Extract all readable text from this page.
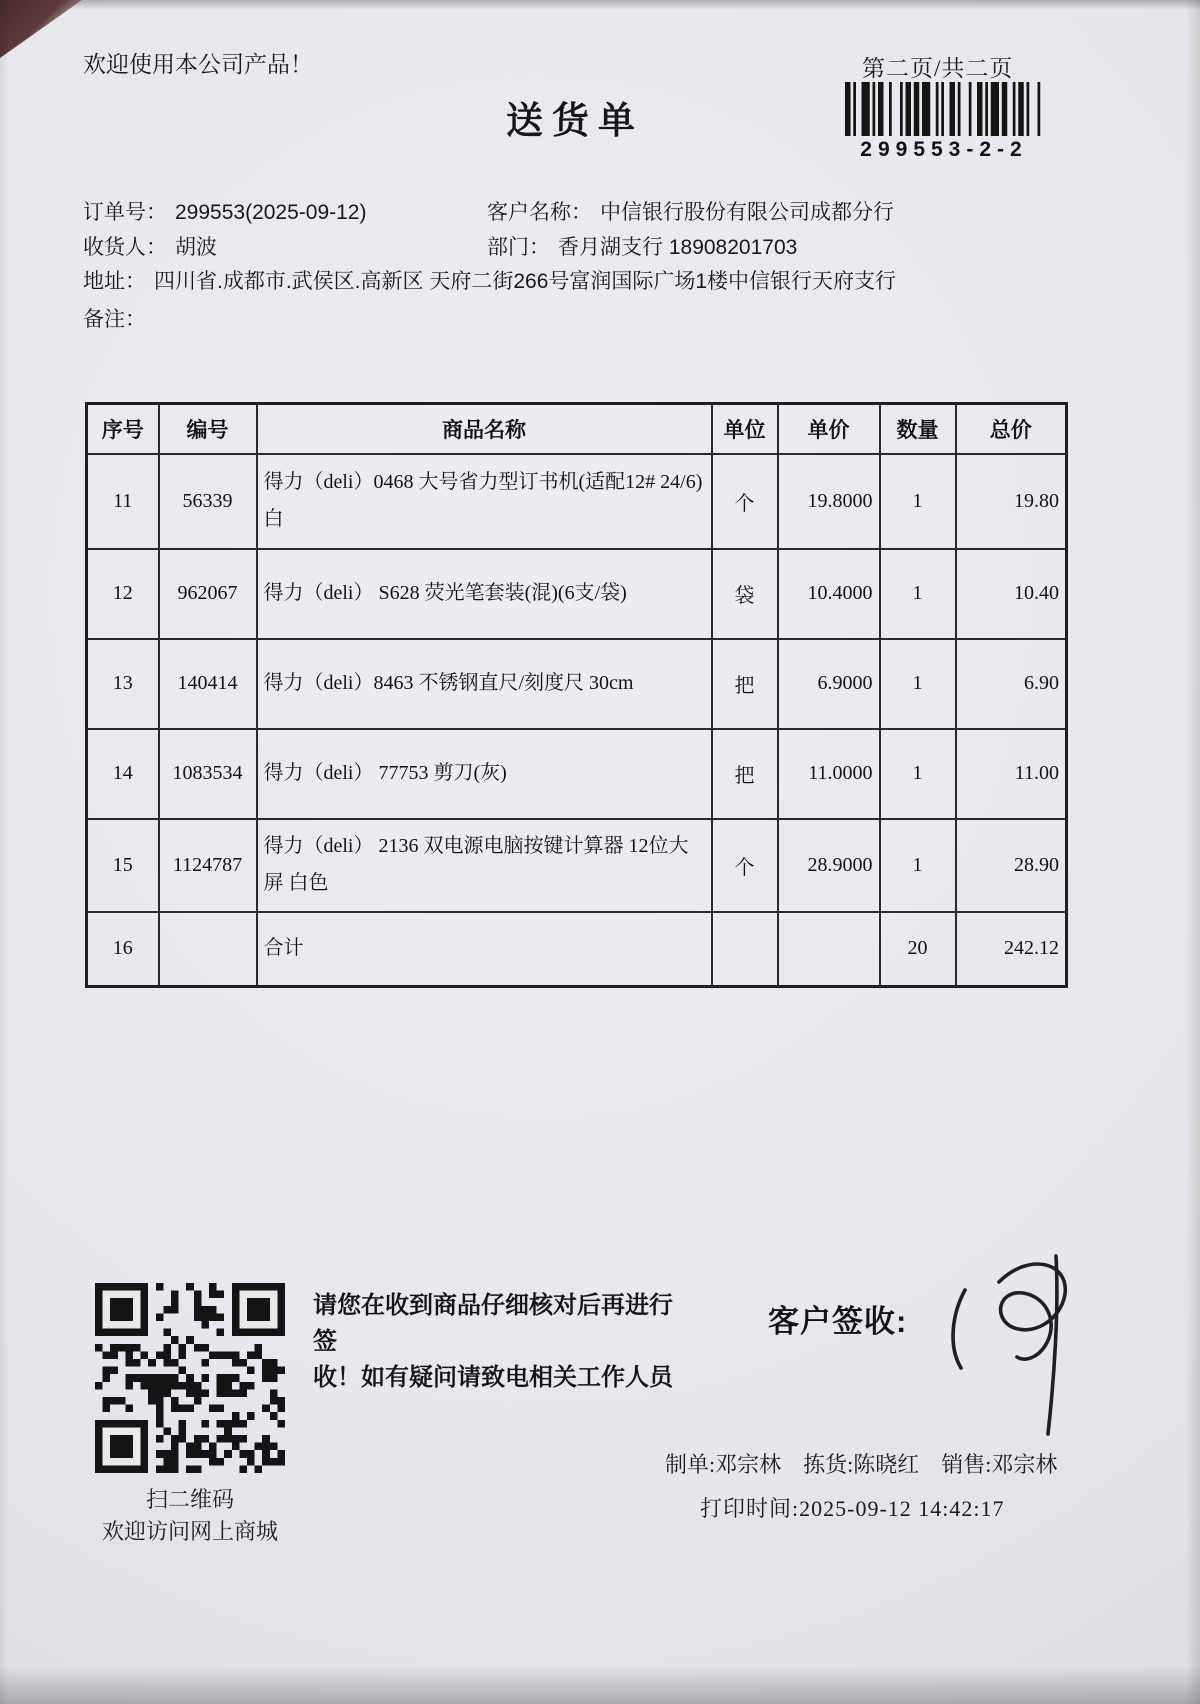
欢迎使用本公司产品！	第二页/共二页
送货单
299553-2-2
订单号： 299553(2025-09-12)	客户名称： 中信银行股份有限公司成都分行
收货人： 胡波	部门： 香月湖支行 18908201703
地址： 四川省.成都市.武侯区.高新区 天府二街266号富润国际广场1楼中信银行天府支行
备注：
序号	编号	商品名称	单位	单价	数量	总价
11	56339	得力（deli）0468 大号省力型订书机(适配12# 24/6)白	个	19.8000	1	19.80
12	962067	得力（deli） S628 荧光笔套装(混)(6支/袋)	袋	10.4000	1	10.40
13	140414	得力（deli）8463 不锈钢直尺/刻度尺 30cm	把	6.9000	1	6.90
14	1083534	得力（deli） 77753 剪刀(灰)	把	11.0000	1	11.00
15	1124787	得力（deli） 2136 双电源电脑按键计算器 12位大屏 白色	个	28.9000	1	28.90
16		合计			20	242.12
扫二维码
欢迎访问网上商城
请您在收到商品仔细核对后再进行签
收！如有疑问请致电相关工作人员
客户签收:
制单:邓宗林　拣货:陈晓红　销售:邓宗林
打印时间:2025-09-12 14:42:17
